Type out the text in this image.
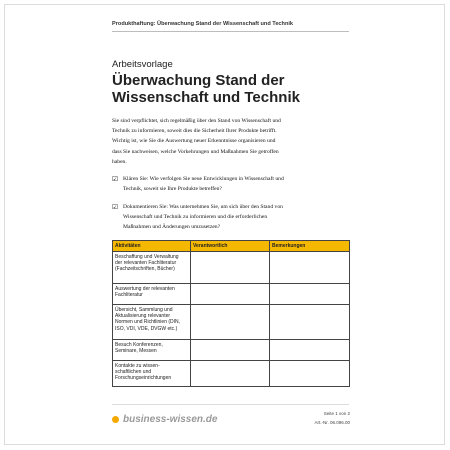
Produkthaftung: Überwachung Stand der Wissenschaft und Technik
Arbeitsvorlage
Überwachung Stand der
Wissenschaft und Technik
Sie sind verpflichtet, sich regelmäßig über den Stand von Wissenschaft und
Technik zu informieren, soweit dies die Sicherheit Ihrer Produkte betrifft.
Wichtig ist, wie Sie die Auswertung neuer Erkenntnisse organisieren und
dass Sie nachweisen, welche Vorkehrungen und Maßnahmen Sie getroffen
haben.
☑ Klären Sie: Wie verfolgen Sie neue Entwicklungen in Wissenschaft und
Technik, soweit sie Ihre Produkte betreffen?
☑ Dokumentieren Sie: Was unternehmen Sie, um sich über den Stand von
Wissenschaft und Technik zu informieren und die erforderlichen
Maßnahmen und Änderungen umzusetzen?
Aktivitäten	Verantwortlich	Bemerkungen

Beschaffung und Verwaltung
der relevanten Fachliteratur
(Fachzeitschriften, Bücher)		

Auswertung der relevanten
Fachliteratur		

Übersicht, Sammlung und
Aktualisierung relevanter
Normen und Richtlinien (DIN,
ISO, VDI, VDE, DVGW etc.)		

Besuch Konferenzen,
Seminare, Messen		

Kontakte zu wissen-
schaftlichen und
Forschungseinrichtungen		

business-wissen.de
Seite 1 von 2
Art.-Nr. 06.096.00
